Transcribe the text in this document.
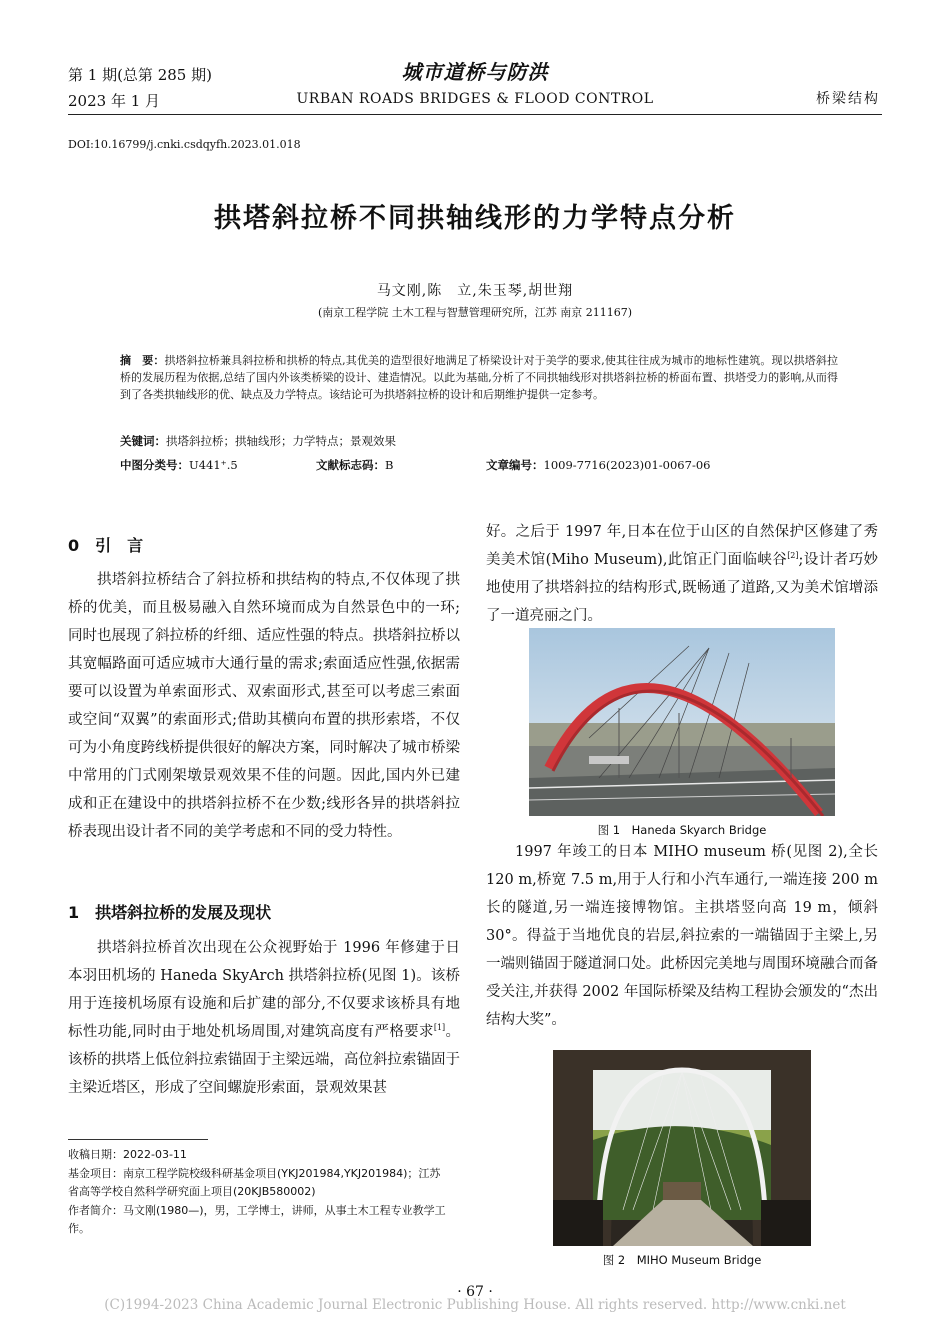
第 1 期(总第 285 期)
2023 年 1 月
城市道桥与防洪
URBAN ROADS BRIDGES & FLOOD CONTROL	桥梁结构
DOI:10.16799/j.cnki.csdqyfh.2023.01.018
拱塔斜拉桥不同拱轴线形的力学特点分析
马文刚,陈　立,朱玉琴,胡世翔
(南京工程学院 土木工程与智慧管理研究所，江苏 南京 211167)
摘　要：拱塔斜拉桥兼具斜拉桥和拱桥的特点,其优美的造型很好地满足了桥梁设计对于美学的要求,使其往往成为城市的地标性建筑。现以拱塔斜拉桥的发展历程为依据,总结了国内外该类桥梁的设计、建造情况。以此为基础,分析了不同拱轴线形对拱塔斜拉桥的桥面布置、拱塔受力的影响,从而得到了各类拱轴线形的优、缺点及力学特点。该结论可为拱塔斜拉桥的设计和后期维护提供一定参考。
关键词：拱塔斜拉桥；拱轴线形；力学特点；景观效果
中图分类号：U441⁺.5	文献标志码：B	文章编号：1009-7716(2023)01-0067-06
0　引　言

拱塔斜拉桥结合了斜拉桥和拱结构的特点,不仅体现了拱桥的优美，而且极易融入自然环境而成为自然景色中的一环;同时也展现了斜拉桥的纤细、适应性强的特点。拱塔斜拉桥以其宽幅路面可适应城市大通行量的需求;索面适应性强,依据需要可以设置为单索面形式、双索面形式,甚至可以考虑三索面或空间“双翼”的索面形式;借助其横向布置的拱形索塔，不仅可为小角度跨线桥提供很好的解决方案，同时解决了城市桥梁中常用的门式刚架墩景观效果不佳的问题。因此,国内外已建成和正在建设中的拱塔斜拉桥不在少数;线形各异的拱塔斜拉桥表现出设计者不同的美学考虑和不同的受力特性。

1　拱塔斜拉桥的发展及现状

拱塔斜拉桥首次出现在公众视野始于 1996 年修建于日本羽田机场的 Haneda SkyArch 拱塔斜拉桥(见图 1)。该桥用于连接机场原有设施和后扩建的部分,不仅要求该桥具有地标性功能,同时由于地处机场周围,对建筑高度有严格要求[1]。该桥的拱塔上低位斜拉索锚固于主梁远端，高位斜拉索锚固于主梁近塔区，形成了空间螺旋形索面，景观效果甚

收稿日期：2022-03-11
基金项目：南京工程学院校级科研基金项目(YKJ201984,YKJ201984)；江苏省高等学校自然科学研究面上项目(20KJB580002)
作者简介：马文刚(1980—)，男，工学博士，讲师，从事土木工程专业教学工作。

好。之后于 1997 年,日本在位于山区的自然保护区修建了秀美美术馆(Miho Museum),此馆正门面临峡谷[2];设计者巧妙地使用了拱塔斜拉的结构形式,既畅通了道路,又为美术馆增添了一道亮丽之门。

图 1　Haneda Skyarch Bridge

1997 年竣工的日本 MIHO museum 桥(见图 2),全长 120 m,桥宽 7.5 m,用于人行和小汽车通行,一端连接 200 m 长的隧道,另一端连接博物馆。主拱塔竖向高 19 m，倾斜 30°。得益于当地优良的岩层,斜拉索的一端锚固于主梁上,另一端则锚固于隧道洞口处。此桥因完美地与周围环境融合而备受关注,并获得 2002 年国际桥梁及结构工程协会颁发的“杰出结构大奖”。

图 2　MIHO Museum Bridge
· 67 ·
(C)1994-2023 China Academic Journal Electronic Publishing House. All rights reserved. http://www.cnki.net
